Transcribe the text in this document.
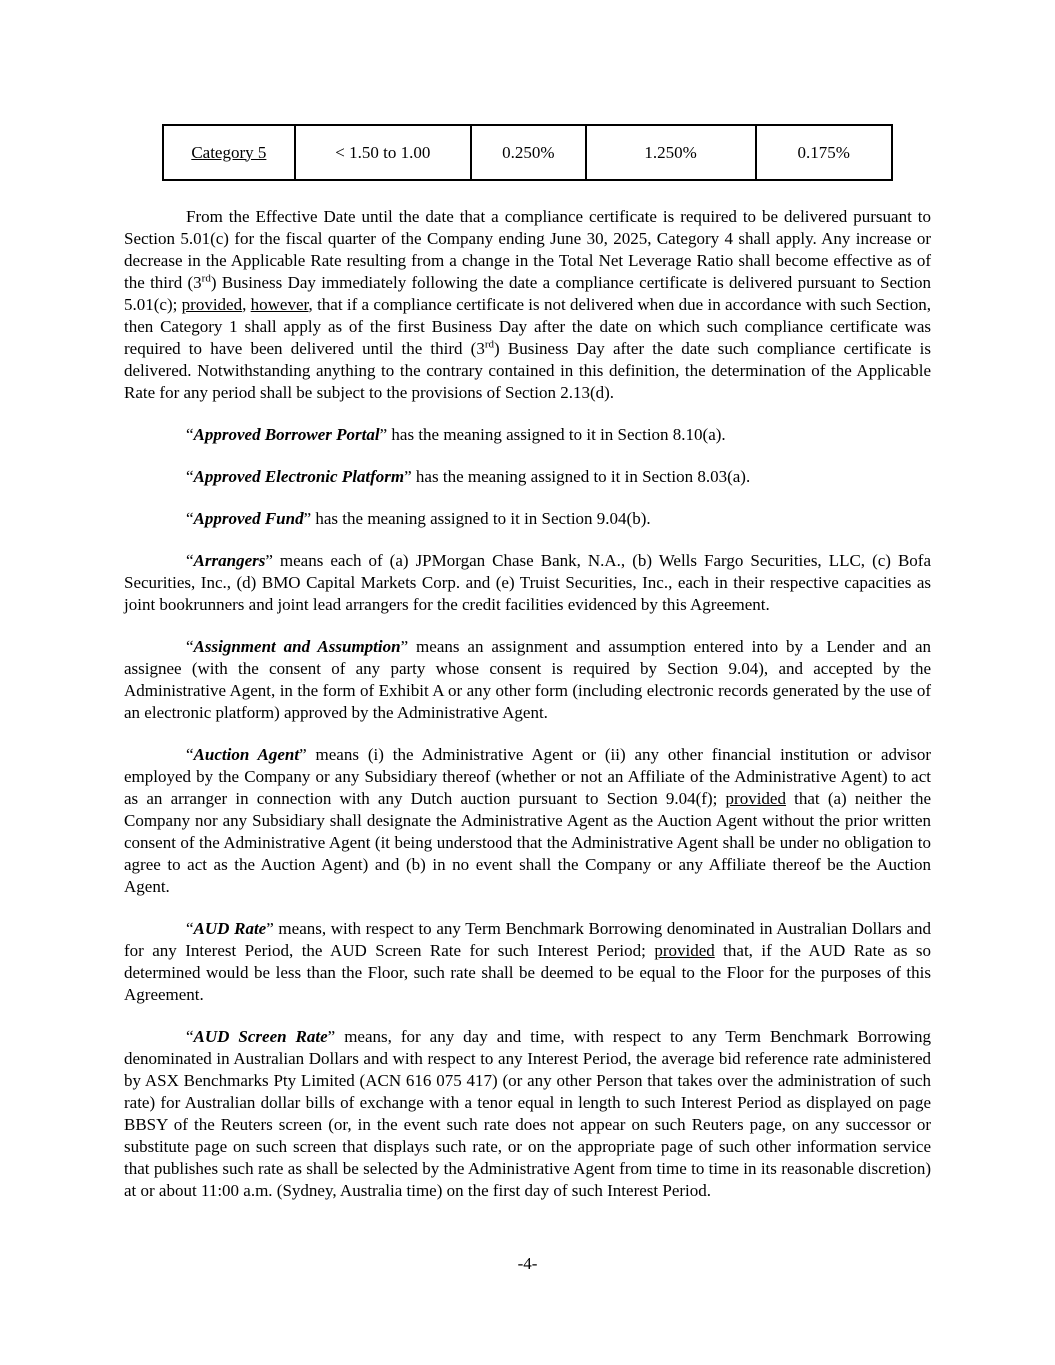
Category 5	< 1.50 to 1.00	0.250%	1.250%	0.175%

From the Effective Date until the date that a compliance certificate is required to be delivered pursuant to Section 5.01(c) for the fiscal quarter of the Company ending June 30, 2025, Category 4 shall apply. Any increase or decrease in the Applicable Rate resulting from a change in the Total Net Leverage Ratio shall become effective as of the third (3rd) Business Day immediately following the date a compliance certificate is delivered pursuant to Section 5.01(c); provided, however, that if a compliance certificate is not delivered when due in accordance with such Section, then Category 1 shall apply as of the first Business Day after the date on which such compliance certificate was required to have been delivered until the third (3rd) Business Day after the date such compliance certificate is delivered. Notwithstanding anything to the contrary contained in this definition, the determination of the Applicable Rate for any period shall be subject to the provisions of Section 2.13(d).

“Approved Borrower Portal” has the meaning assigned to it in Section 8.10(a).

“Approved Electronic Platform” has the meaning assigned to it in Section 8.03(a).

“Approved Fund” has the meaning assigned to it in Section 9.04(b).

“Arrangers” means each of (a) JPMorgan Chase Bank, N.A., (b) Wells Fargo Securities, LLC, (c) Bofa Securities, Inc., (d) BMO Capital Markets Corp. and (e) Truist Securities, Inc., each in their respective capacities as joint bookrunners and joint lead arrangers for the credit facilities evidenced by this Agreement.

“Assignment and Assumption” means an assignment and assumption entered into by a Lender and an assignee (with the consent of any party whose consent is required by Section 9.04), and accepted by the Administrative Agent, in the form of Exhibit A or any other form (including electronic records generated by the use of an electronic platform) approved by the Administrative Agent.

“Auction Agent” means (i) the Administrative Agent or (ii) any other financial institution or advisor employed by the Company or any Subsidiary thereof (whether or not an Affiliate of the Administrative Agent) to act as an arranger in connection with any Dutch auction pursuant to Section 9.04(f); provided that (a) neither the Company nor any Subsidiary shall designate the Administrative Agent as the Auction Agent without the prior written consent of the Administrative Agent (it being understood that the Administrative Agent shall be under no obligation to agree to act as the Auction Agent) and (b) in no event shall the Company or any Affiliate thereof be the Auction Agent.

“AUD Rate” means, with respect to any Term Benchmark Borrowing denominated in Australian Dollars and for any Interest Period, the AUD Screen Rate for such Interest Period; provided that, if the AUD Rate as so determined would be less than the Floor, such rate shall be deemed to be equal to the Floor for the purposes of this Agreement.

“AUD Screen Rate” means, for any day and time, with respect to any Term Benchmark Borrowing denominated in Australian Dollars and with respect to any Interest Period, the average bid reference rate administered by ASX Benchmarks Pty Limited (ACN 616 075 417) (or any other Person that takes over the administration of such rate) for Australian dollar bills of exchange with a tenor equal in length to such Interest Period as displayed on page BBSY of the Reuters screen (or, in the event such rate does not appear on such Reuters page, on any successor or substitute page on such screen that displays such rate, or on the appropriate page of such other information service that publishes such rate as shall be selected by the Administrative Agent from time to time in its reasonable discretion) at or about 11:00 a.m. (Sydney, Australia time) on the first day of such Interest Period.

-4-
